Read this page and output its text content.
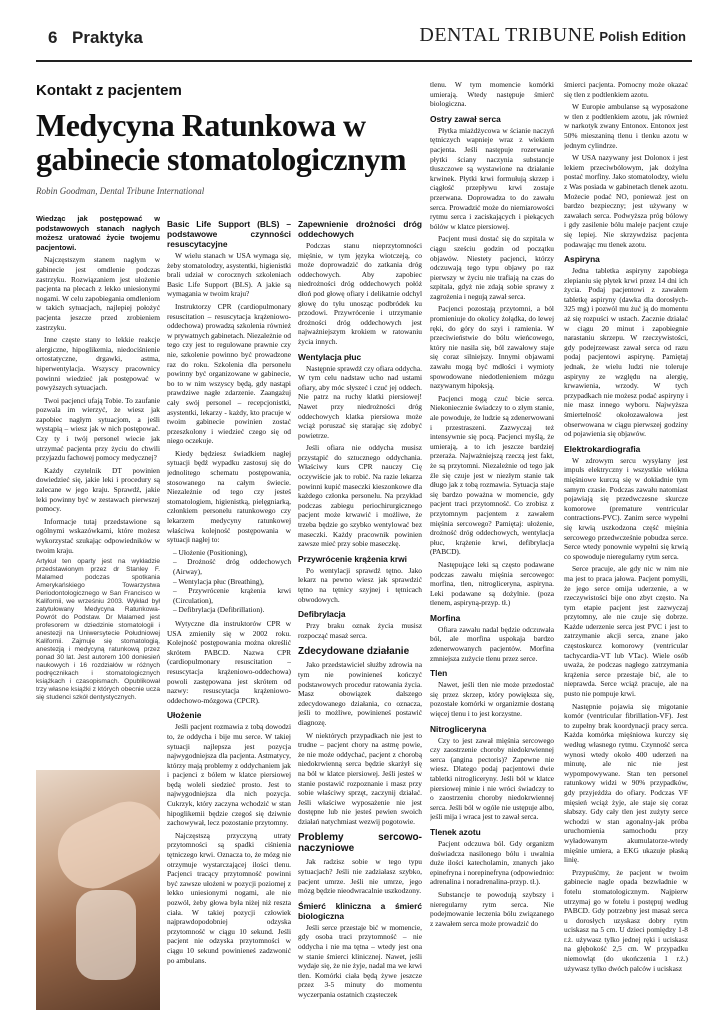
6 Praktyka	DENTAL TRIBUNE Polish Edition
Kontakt z pacjentem
Medycyna Ratunkowa w gabinecie stomatologicznym
Robin Goodman, Dental Tribune International

Wiedząc jak postępować w podstawowych stanach nagłych możesz uratować życie twojemu pacjentowi.

Najczęstszym stanem nagłym w gabinecie jest omdlenie podczas zastrzyku. Rozwiązaniem jest ułożenie pacjenta na plecach z lekko uniesionymi nogami. W celu zapobiegania omdleniom w takich sytuacjach, najlepiej położyć pacjenta jeszcze przed zrobieniem zastrzyku.

Inne częste stany to lekkie reakcje alergiczne, hipoglikemia, niedociśnienie ortostatyczne, drgawki, astma, hiperwentylacja. Wszyscy pracownicy powinni wiedzieć jak postępować w powyższych sytuacjach.

Twoi pacjenci ufają Tobie. To zaufanie pozwala im wierzyć, że wiesz jak zapobiec nagłym sytuacjom, a jeśli wystąpią – wiesz jak w nich postępować. Czy ty i twój personel wiecie jak utrzymać pacjenta przy życiu do chwili przyjazdu fachowej pomocy medycznej?

Każdy czytelnik DT powinien dowiedzieć się, jakie leki i procedury są zalecane w jego kraju. Sprawdź, jakie leki powinny być w zestawach pierwszej pomocy.

Informacje tutaj przedstawione są ogólnymi wskazówkami, które możesz wykorzystać szukając odpowiedników w twoim kraju.

Artykuł ten oparty jest na wykładzie przedstawionym przez dr Stanley F. Malamed podczas spotkania Amerykańskiego Towarzystwa Periodontologicznego w San Francisco w Kalifornii, we wrześniu 2003. Wykład był zatytułowany Medycyna Ratunkowa-Powrót do Podstaw. Dr Malamed jest profesorem w dziedzinie stomatologii i anestezji na Uniwersytecie Południowej Kalifornii. Zajmuje się stomatologią, anestezją i medycyną ratunkową przez ponad 30 lat. Jest autorem 100 doniesień naukowych i 16 rozdziałów w różnych podręcznikach i stomatologicznych książkach i czasopismach. Opublikował trzy własne książki z których obecnie ucza się studenci szkół dentystycznych.

Basic Life Support (BLS) – podstawowe czynności resuscytacyjne

W wielu stanach w USA wymaga się, żeby stomatolodzy, asystentki, higienistki brali udział w corocznych szkoleniach Basic Life Support (BLS). A jakie są wymagania w twoim kraju?

Instruktorzy CPR (cardiopulmonary resuscitation – resuscytacja krążeniowo-oddechowa) prowadzą szkolenia również w prywatnych gabinetach. Niezależnie od tego czy jest to regulowane prawnie czy nie, szkolenie powinno być prowadzone raz do roku. Szkolenia dla personelu powinny być organizowane w gabinecie, bo to w nim wszyscy będą, gdy nastąpi prawdziwe nagłe zdarzenie. Zaangażuj cały swój personel – recepcjonistki, asystentki, lekarzy - każdy, kto pracuje w twoim gabinecie powinien zostać przeszkolony i wiedzieć czego się od niego oczekuje.

Kiedy będziesz świadkiem nagłej sytuacji będź wypadku zastosuj się do jednolitego schematu postępowania, stosowanego na całym świecie. Niezależnie od tego czy jesteś stomatologiem, higienistką, pielęgniarką, członkiem personelu ratunkowego czy lekarzem medycyny ratunkowej właściwa kolejność postępowania w sytuacji nagłej to:

– Ułożenie (Positioning),
– Drożność dróg oddechowych (Airway),
– Wentylacja płuc (Breathing),
– Przywrócenie krążenia krwi (Circulation),
– Defibrylacja (Defibrillation).

Wytyczne dla instruktorów CPR w USA zmieniły się w 2002 roku. Kolejność postępowania można określić skrótem PABCD. Nazwa CPR (cardiopulmonary resuscitation – resuscytacja krążeniowo-oddechowa) powoli zastępowana jest skrótem od nazwy: resuscytacja krążeniowo-oddechowo-mózgowa (CPCR).

Ułożenie

Jeśli pacjent rozmawia z tobą dowodzi to, że oddycha i bije mu serce. W takiej sytuacji najlepsza jest pozycja najwygodniejsza dla pacjenta. Astmatycy, którzy mają problemy z oddychaniem jak i pacjenci z bólem w klatce piersiowej będą woleli siedzieć prosto. Jest to najwygodniejsza dla nich pozycja. Cukrzyk, który zaczyna wchodzić w stan hipoglikemii będzie czegoś się dziwnie zachowywał, lecz pozostanie przytomny.

Najczęstszą przyczyną utraty przytomności są spadki ciśnienia tętniczego krwi. Oznacza to, że mózg nie otrzymuje wystarczającej ilości tlenu. Pacjenci tracący przytomność powinni być zawsze ułożeni w pozycji poziomej z lekko uniesionymi nogami, ale nie pozwól, żeby głowa była niżej niż reszta ciała. W takiej pozycji człowiek najprawdopodobniej odzyska przytomność w ciągu 10 sekund. Jeśli pacjent nie odzyska przytomności w ciągu 10 sekund powinieneś zadzwonić po ambulans.

Zapewnienie drożności dróg oddechowych

Podczas stanu nieprzytomności mięśnie, w tym języka wiotczeją, co może doprowadzić do zatkania dróg oddechowych. Aby zapobiec niedrożności dróg oddechowych połóż dłoń pod głowę ofiary i delikatnie odchyl głowę do tyłu unosząc podbródek ku przodowi. Przywrócenie i utrzymanie drożności dróg oddechowych jest najważniejszym krokiem w ratowaniu życia innych.

Wentylacja płuc

Następnie sprawdź czy ofiara oddycha. W tym celu nadstaw ucho nad ustami ofiary, aby móc słyszeć i czuć jej oddech. Nie patrz na ruchy klatki piersiowej! Nawet przy niedrożności dróg oddechowych klatka piersiowa może wciąż poruszać się starając się zdobyć powietrze.

Jeśli ofiara nie oddycha musisz przystąpić do sztucznego oddychania. Właściwy kurs CPR nauczy Cię oczywiście jak to robić. Na razie lekarza powinni kupić maseczki kieszonkowe dla każdego członka personelu. Na przykład podczas zabiegu periochirurgicznego pacjent może krwawić i możliwe, że trzeba będzie go szybko wentylować bez maseczki. Każdy pracownik powinien zawsze mieć przy sobie maseczkę.

Przywrócenie krążenia krwi

Po wentylacji sprawdź tętno. Jako lekarz na pewno wiesz jak sprawdzić tętno na tętnicy szyjnej i tętnicach obwodowych.

Defibrylacja

Przy braku oznak życia musisz rozpocząć masaż serca.

Zdecydowane działanie

Jako przedstawiciel służby zdrowia na tym nie powinieneś kończyć podstawowych procedur ratowania życia. Masz obowiązek dalszego zdecydowanego działania, co oznacza, jeśli to możliwe, powinieneś postawić diagnozę.

W niektórych przypadkach nie jest to trudne – pacjent chory na astmę powie, że nie może oddychać, pacjent z chorobą niedokrwienną serca będzie skarżył się na ból w klatce piersiowej. Jeśli jesteś w stanie postawić rozpoznanie i masz przy sobie właściwy sprzęt, zaczynij działać. Jeśli właściwe wyposażenie nie jest dostępne lub nie jesteś pewien swoich działań natychmiast wezwij pogotowie.

Problemy sercowo-naczyniowe

Jak radzisz sobie w tego typu sytuacjach? Jeśli nie zadziałasz szybko, pacjent umrze. Jeśli nie umrze, jego mózg będzie nieodwracalnie uszkodzony.

Śmierć kliniczna a śmierć biologiczna

Jeśli serce przestaje bić w momencie, gdy osoba traci przytomność – nie oddycha i nie ma tętna – wtedy jest ona w stanie śmierci klinicznej. Nawet, jeśli wydaje się, że nie żyje, nadal ma we krwi tlen. Komórki ciała będą żywe jeszcze przez 3-5 minuty do momentu wyczerpania ostatnich cząsteczek

tlenu. W tym momencie komórki umierają. Wtedy następuje śmierć biologiczna.

Ostry zawał serca

Płytka miażdżycowa w ścianie naczyń tętniczych wapnieje wraz z wiekiem pacjenta. Jeśli następuje rozerwanie płytki ściany naczynia substancje tłuszczowe są wystawione na działanie krwinek. Płytki krwi formułują skrzep i ciągłość przepływu krwi zostaje przerwana. Doprowadza to do zawału serca. Prowadzić może do niemiarowości rytmu serca i zaciskających i piekących bólów w klatce piersiowej.

Pacjent musi dostać się do szpitala w ciągu sześciu godzin od początku objawów. Niestety pacjenci, którzy odczuwają tego typu objawy po raz pierwszy w życiu nie trafiają na czas do szpitala, gdyż nie zdają sobie sprawy z zagrożenia i negują zawał serca.

Pacjenci pozostają przytomni, a ból promieniuje do okolicy żołądka, do lewej ręki, do góry do szyi i ramienia. W przeciwieństwie do bólu wieńcowego, który nie nasila się, ból zawałowy staje się coraz silniejszy. Innymi objawami zawału mogą być mdłości i wymioty spowodowane niedotlenieniem mózgu nazywanym hipoksją.

Pacjenci mogą czuć bicie serca. Niekoniecznie świadczy to o złym stanie, ale powoduje, że ludzie są zdenerwowani i przestraszeni. Zazwyczaj też intensywnie się pocą. Pacjenci myślą, że umierają, a to ich jeszcze bardziej przeraża. Najważniejszą rzeczą jest fakt, że są przytomni. Niezależnie od tego jak źle się czuje jest w niezłym stanie tak długo jak z tobą rozmawia. Sytuacja staje się bardzo poważna w momencie, gdy pacjent traci przytomność. Co zrobisz z przytomnym pacjentem z zawałem mięśnia sercowego? Pamiętaj: ułożenie, drożność dróg oddechowych, wentylacja płuc, krążenie krwi, defibrylacja (PABCD).

Następujące leki są często podawane podczas zawału mięśnia sercowego: morfina, tlen, nitrogliceryna, aspiryna. Leki podawane są dożylnie. (poza tlenem, aspiryną-przyp. tł.)

Morfina

Ofiara zawału nadal będzie odczuwała ból, ale morfina uspokaja bardzo zdenerwowanych pacjentów. Morfina zmniejsza zużycie tlenu przez serce.

Tlen

Nawet, jeśli tlen nie może przedostać się przez skrzep, który powiększa się, pozostałe komórki w organizmie dostaną więcej tlenu i to jest korzystne.

Nitrogliceryna

Czy to jest zawał mięśnia sercowego czy zaostrzenie choroby niedokrwiennej serca (angina pectoris)? Zapewne nie wiesz. Dlatego podaj pacjentowi dwie tabletki nitrogliceryny. Jeśli ból w klatce piersiowej minie i nie wróci świadczy to o zaostrzeniu choroby niedokrwiennej serca. Jeśli ból w ogóle nie ustępuje albo, jeśli mija i wraca jest to zawał serca.

Tlenek azotu

Pacjent odczuwa ból. Gdy organizm doświadcza nasilonego bólu i uwalnia duże ilości katecholamin, znanych jako epinefryna i norepinefryna (odpowiednio: adrenalina i noradrenalina-przyp. tł.).

Substancje te powodują szybszy i nieregularny rytm serca. Nie podejmowanie leczenia bólu związanego z zawałem serca może prowadzić do

śmierci pacjenta. Pomocny może okazać się tlen z podtlenkiem azotu.

W Europie ambulanse są wyposażone w tlen z podtlenkiem azotu, jak również w narkotyk zwany Entonox. Entonox jest 50% mieszaniną tlenu i tlenku azotu w jednym cylindrze.

W USA nazywany jest Dolonox i jest lekiem przeciwbólowym, jak dożylna postać morfiny. Jako stomatolodzy, wielu z Was posiada w gabinetach tlenek azotu. Możecie podać NO, ponieważ jest on bardzo bezpieczny; jest używany w zawałach serca. Podwyższa próg bólowy i gdy zasilenie bólu maleje pacjent czuje się lepiej. Nie skrzywdzisz pacjenta podawając mu tlenek azotu.

Aspiryna

Jedna tabletka aspiryny zapobiega zlepianiu się płytek krwi przez 14 dni ich życia. Podaj pacjentowi z zawałem tabletkę aspiryny (dawka dla dorosłych-325 mg) i pozwól mu żuć ją do momentu aż się rozpuści w ustach. Zacznie działać w ciągu 20 minut i zapobiegnie narastaniu skrzepu. W rzeczywistości, gdy podejrzewasz zawał serca od razu podaj pacjentowi aspirynę. Pamiętaj jednak, że wielu ludzi nie toleruje aspiryny ze względu na alergię, krwawienia, wrzody. W tych przypadkach nie możesz podać aspiryny i nie masz innego wyboru. Najwyższa śmiertelność okołozawałowa jest obserwowana w ciągu pierwszej godziny od pojawienia się objawów.

Elektrokardiografia

W zdrowym sercu wysyłany jest impuls elektryczny i wszystkie włókna mięśniowe kurczą się w dokładnie tym samym czasie. Podczas zawału natomiast pojawiają się przedwczesne skurcze komorowe (premature ventricular contractions-PVC). Zanim serce wypełni się krwią uszkodzona część mięśnia sercowego przedwcześnie pobudza serce. Serce wtedy ponownie wypełni się krwią co spowoduje nieregularny rytm serca.

Serce pracuje, ale gdy nic w nim nie ma jest to praca jałowa. Pacjent pomyśli, że jego serce omija uderzenie, a w rzeczywistości bije ono zbyt często. Na tym etapie pacjent jest zazwyczaj przytomny, ale nie czuje się dobrze. Każde uderzenie serca jest PVC i jest to zatrzymanie akcji serca, znane jako częstoskurcz komorowy (ventricular tachycardia-VT lub VTac). Wiele osób uważa, że podczas nagłego zatrzymania krążenia serce przestaje bić, ale to nieprawda. Serce wciąż pracuje, ale na pusto nie pompuje krwi.

Następnie pojawia się migotanie komór (ventricular fibrillation-VF). Jest to zupełny brak koordynacji pracy serca. Każda komórka mięśniowa kurczy się według własnego rytmu. Czynność serca wynosi wtedy około 400 uderzeń na minutę, ale nic nie jest wypompowywane. Stan ten personel ratunkowy widzi w 90% przypadków, gdy przyjeżdża do ofiary. Podczas VF mięsień wciąż żyje, ale staje się coraz słabszy. Gdy cały tlen jest zużyty serce wchodzi w stan agonalny-jak próba uruchomienia samochodu przy wyładowanym akumulatorze-wtedy mięśnie umiera, a EKG ukazuje płaską linię.

Przypuśćmy, że pacjent w twoim gabinecie nagle opada bezwładnie w fotelu stomatologicznym. Najpierw utrzymaj go w fotelu i postępuj według PABCD. Gdy potrzebny jest masaż serca u dorosłych uzyskasz dobry rytm uciskasz na 5 cm. U dzieci pomiędzy 1-8 r.ż. używasz tylko jednej ręki i uciskasz na głębokość 2,5 cm. W przypadku niemowląt (do ukończenia 1 r.ż.) używasz tylko dwóch palców i uciskasz
